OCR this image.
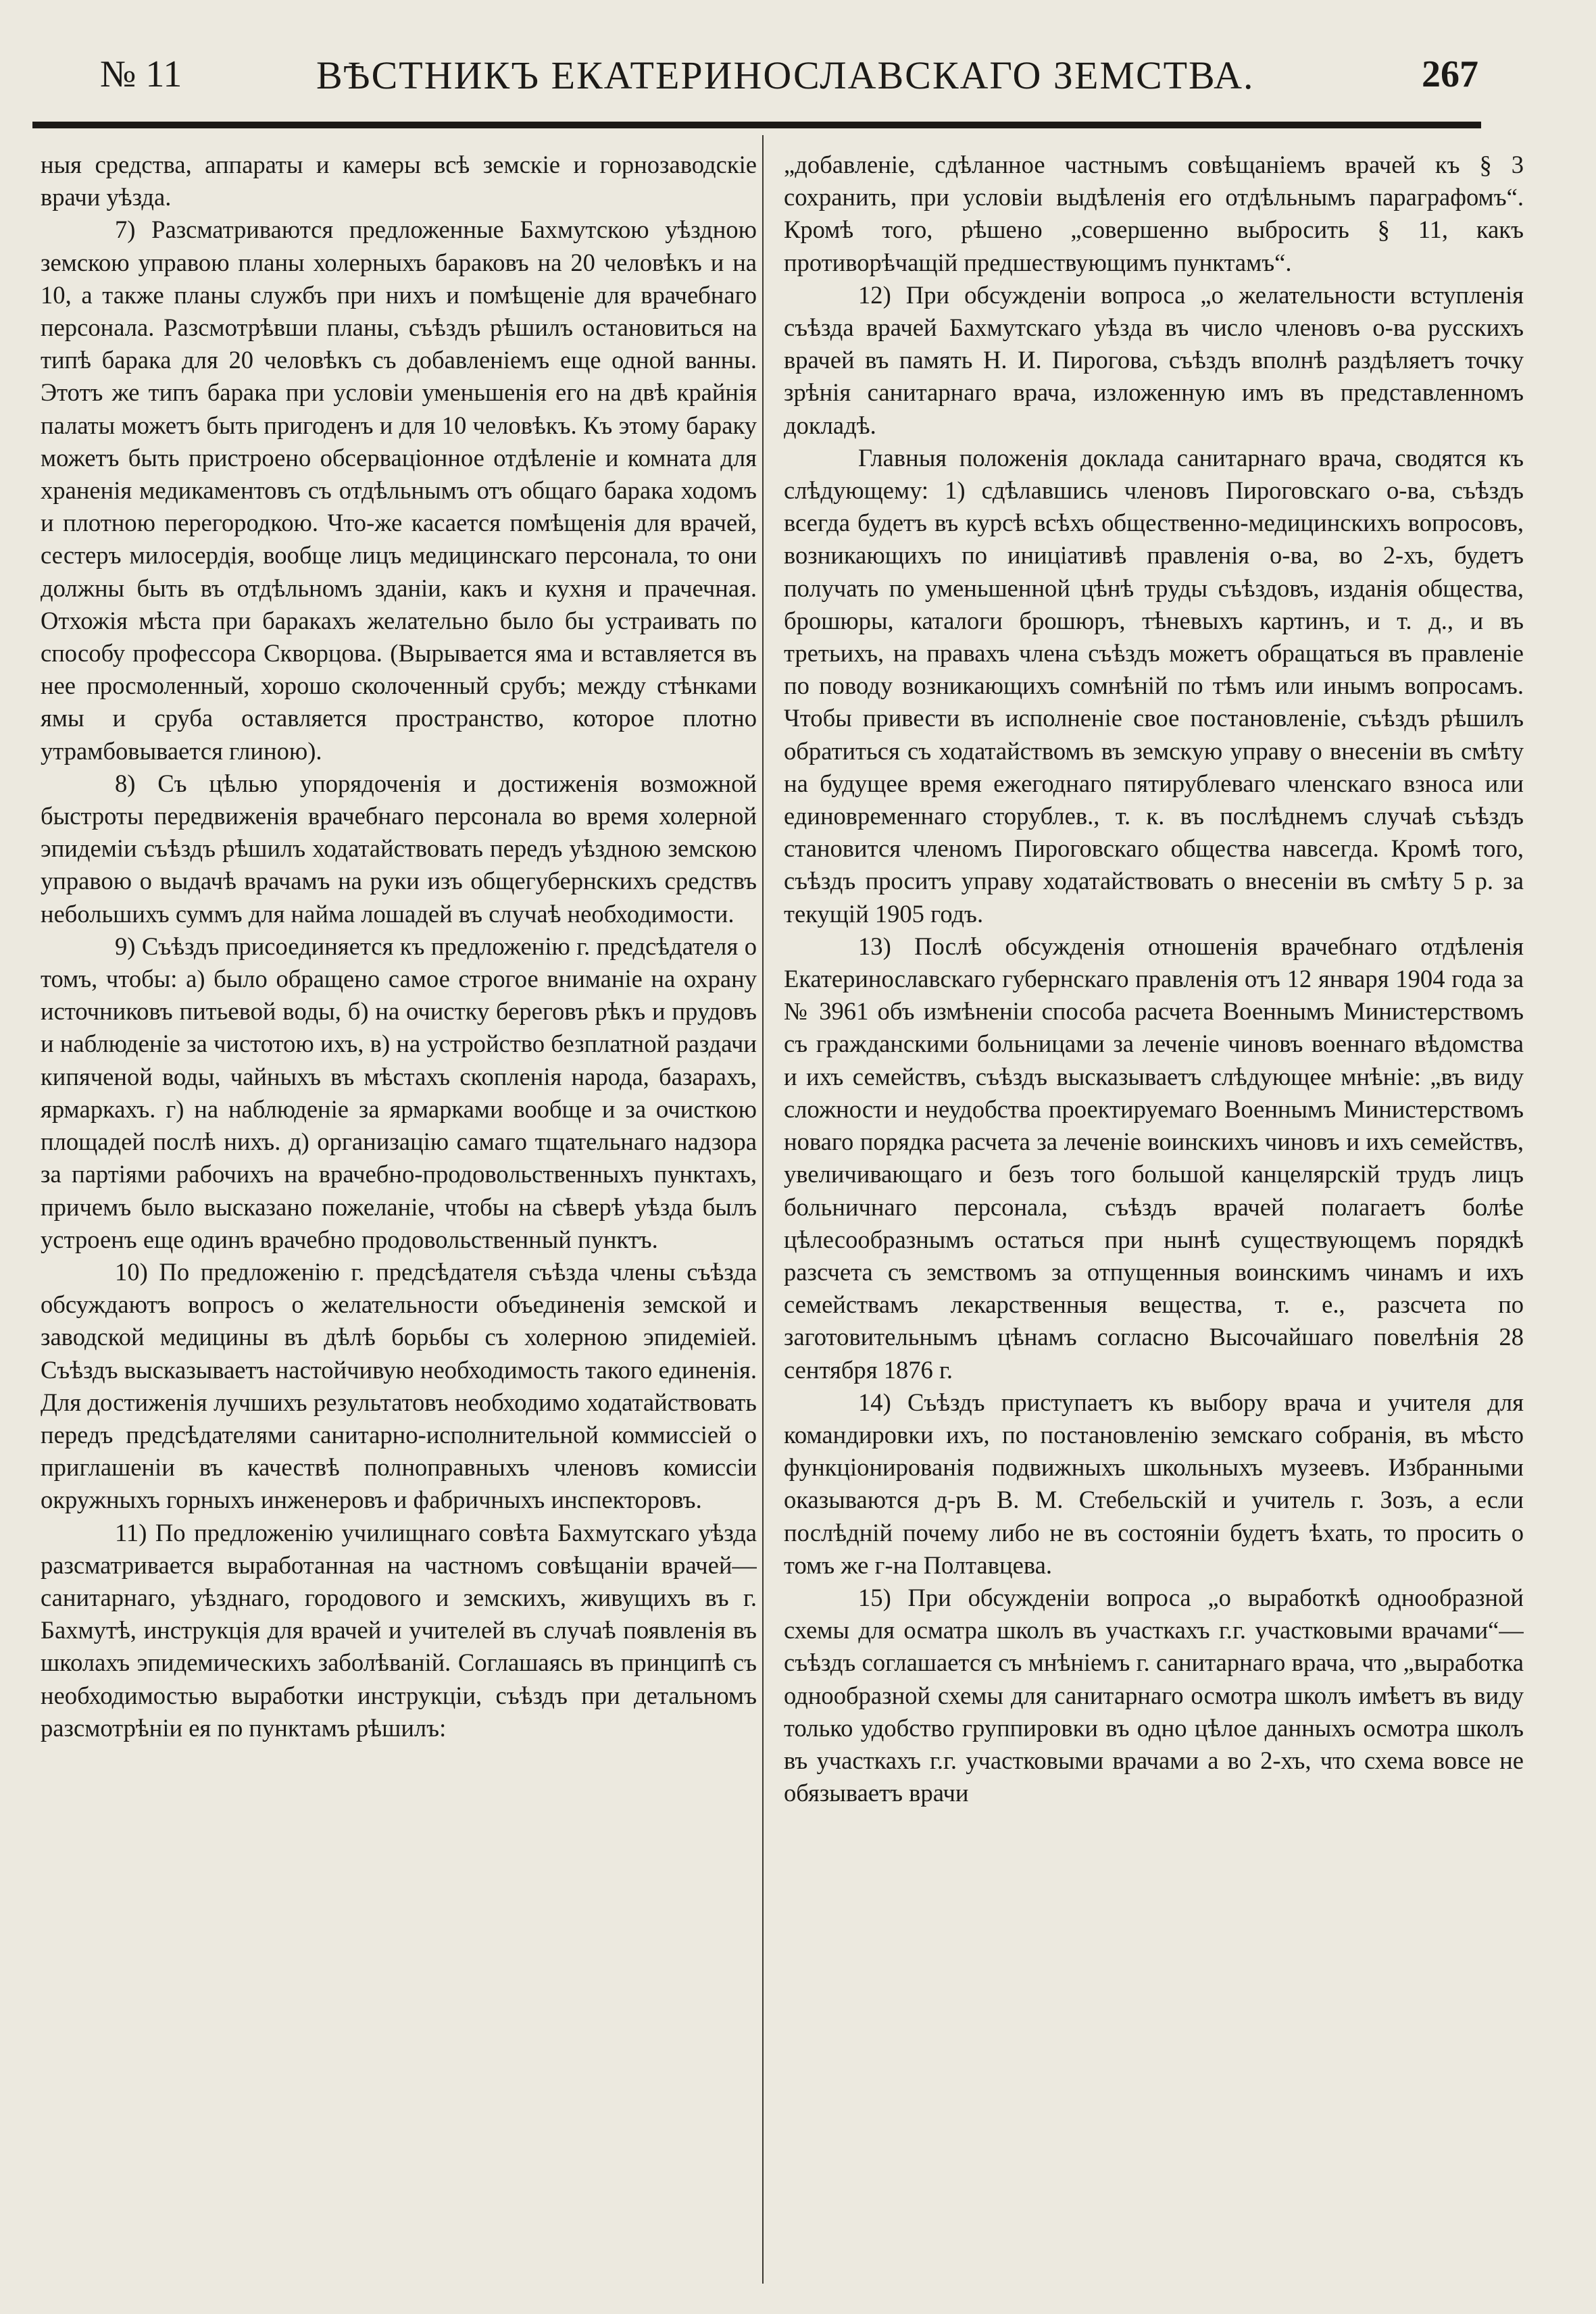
№ 11	ВѢСТНИКЪ ЕКАТЕРИНОСЛАВСКАГО ЗЕМСТВА.	267

ныя средства, аппараты и камеры всѣ земскіе и горнозаводскіе врачи уѣзда.

7) Разсматриваются предложенные Бахмутскою уѣздною земскою управою планы холерныхъ бараковъ на 20 человѣкъ и на 10, а также планы службъ при нихъ и помѣщеніе для врачебнаго персонала. Разсмотрѣвши планы, съѣздъ рѣшилъ остановиться на типѣ барака для 20 человѣкъ съ добавленіемъ еще одной ванны. Этотъ же типъ барака при условіи уменьшенія его на двѣ крайнія палаты можетъ быть пригоденъ и для 10 человѣкъ. Къ этому бараку можетъ быть пристроено обсерваціонное отдѣленіе и комната для храненія медикаментовъ съ отдѣльнымъ отъ общаго барака ходомъ и плотною перегородкою. Что-же касается помѣщенія для врачей, сестеръ милосердія, вообще лицъ медицинскаго персонала, то они должны быть въ отдѣльномъ зданіи, какъ и кухня и прачечная. Отхожія мѣста при баракахъ желательно было бы устраивать по способу профессора Скворцова. (Вырывается яма и вставляется въ нее просмоленный, хорошо сколоченный срубъ; между стѣнками ямы и сруба оставляется пространство, которое плотно утрамбовывается глиною).

8) Съ цѣлью упорядоченія и достиженія возможной быстроты передвиженія врачебнаго персонала во время холерной эпидеміи съѣздъ рѣшилъ ходатайствовать передъ уѣздною земскою управою о выдачѣ врачамъ на руки изъ общегубернскихъ средствъ небольшихъ суммъ для найма лошадей въ случаѣ необходимости.

9) Съѣздъ присоединяется къ предложенію г. предсѣдателя о томъ, чтобы: а) было обращено самое строгое вниманіе на охрану источниковъ питьевой воды, б) на очистку береговъ рѣкъ и прудовъ и наблюденіе за чистотою ихъ, в) на устройство безплатной раздачи кипяченой воды, чайныхъ въ мѣстахъ скопленія народа, базарахъ, ярмаркахъ. г) на наблюденіе за ярмарками вообще и за очисткою площадей послѣ нихъ. д) организацію самаго тщательнаго надзора за партіями рабочихъ на врачебно-продовольственныхъ пунктахъ, причемъ было высказано пожеланіе, чтобы на сѣверѣ уѣзда былъ устроенъ еще одинъ врачебно продовольственный пунктъ.

10) По предложенію г. предсѣдателя съѣзда члены съѣзда обсуждаютъ вопросъ о желательности объединенія земской и заводской медицины въ дѣлѣ борьбы съ холерною эпидеміей. Съѣздъ высказываетъ настойчивую необходимость такого единенія. Для достиженія лучшихъ результатовъ необходимо ходатайствовать передъ предсѣдателями санитарно-исполнительной коммиссіей о приглашеніи въ качествѣ полноправныхъ членовъ комиссіи окружныхъ горныхъ инженеровъ и фабричныхъ инспекторовъ.

11) По предложенію училищнаго совѣта Бахмутскаго уѣзда разсматривается выработанная на частномъ совѣщаніи врачей—санитарнаго, уѣзднаго, городового и земскихъ, живущихъ въ г. Бахмутѣ, инструкція для врачей и учителей въ случаѣ появленія въ школахъ эпидемическихъ заболѣваній. Соглашаясь въ принципѣ съ необходимостью выработки инструкціи, съѣздъ при детальномъ разсмотрѣніи ея по пунктамъ рѣшилъ:

„добавленіе, сдѣланное частнымъ совѣщаніемъ врачей къ § 3 сохранить, при условіи выдѣленія его отдѣльнымъ параграфомъ“. Кромѣ того, рѣшено „совершенно выбросить § 11, какъ противорѣчащій предшествующимъ пунктамъ“.

12) При обсужденіи вопроса „о желательности вступленія съѣзда врачей Бахмутскаго уѣзда въ число членовъ о-ва русскихъ врачей въ память Н. И. Пирогова, съѣздъ вполнѣ раздѣляетъ точку зрѣнія санитарнаго врача, изложенную имъ въ представленномъ докладѣ.

Главныя положенія доклада санитарнаго врача, сводятся къ слѣдующему: 1) сдѣлавшись членовъ Пироговскаго о-ва, съѣздъ всегда будетъ въ курсѣ всѣхъ общественно-медицинскихъ вопросовъ, возникающихъ по иниціативѣ правленія о-ва, во 2-хъ, будетъ получать по уменьшенной цѣнѣ труды съѣздовъ, изданія общества, брошюры, каталоги брошюръ, тѣневыхъ картинъ, и т. д., и въ третьихъ, на правахъ члена съѣздъ можетъ обращаться въ правленіе по поводу возникающихъ сомнѣній по тѣмъ или инымъ вопросамъ. Чтобы привести въ исполненіе свое постановленіе, съѣздъ рѣшилъ обратиться съ ходатайствомъ въ земскую управу о внесеніи въ смѣту на будущее время ежегоднаго пятирублеваго членскаго взноса или единовременнаго сторублев., т. к. въ послѣднемъ случаѣ съѣздъ становится членомъ Пироговскаго общества навсегда. Кромѣ того, съѣздъ проситъ управу ходатайствовать о внесеніи въ смѣту 5 р. за текущій 1905 годъ.

13) Послѣ обсужденія отношенія врачебнаго отдѣленія Екатеринославскаго губернскаго правленія отъ 12 января 1904 года за № 3961 объ измѣненіи способа расчета Военнымъ Министерствомъ съ гражданскими больницами за леченіе чиновъ военнаго вѣдомства и ихъ семействъ, съѣздъ высказываетъ слѣдующее мнѣніе: „въ виду сложности и неудобства проектируемаго Военнымъ Министерствомъ новаго порядка расчета за леченіе воинскихъ чиновъ и ихъ семействъ, увеличивающаго и безъ того большой канцелярскій трудъ лицъ больничнаго персонала, съѣздъ врачей полагаетъ болѣе цѣлесообразнымъ остаться при нынѣ существующемъ порядкѣ разсчета съ земствомъ за отпущенныя воинскимъ чинамъ и ихъ семействамъ лекарственныя вещества, т. е., разсчета по заготовительнымъ цѣнамъ согласно Высочайшаго повелѣнія 28 сентября 1876 г.

14) Съѣздъ приступаетъ къ выбору врача и учителя для командировки ихъ, по постановленію земскаго собранія, въ мѣсто функціонированія подвижныхъ школьныхъ музеевъ. Избранными оказываются д-ръ В. М. Стебельскій и учитель г. Зозъ, а если послѣдній почему либо не въ состояніи будетъ ѣхать, то просить о томъ же г-на Полтавцева.

15) При обсужденіи вопроса „о выработкѣ однообразной схемы для осматра школъ въ участкахъ г.г. участковыми врачами“—съѣздъ соглашается съ мнѣніемъ г. санитарнаго врача, что „выработка однообразной схемы для санитарнаго осмотра школъ имѣетъ въ виду только удобство группировки въ одно цѣлое данныхъ осмотра школъ въ участкахъ г.г. участковыми врачами а во 2-хъ, что схема вовсе не обязываетъ врачи
